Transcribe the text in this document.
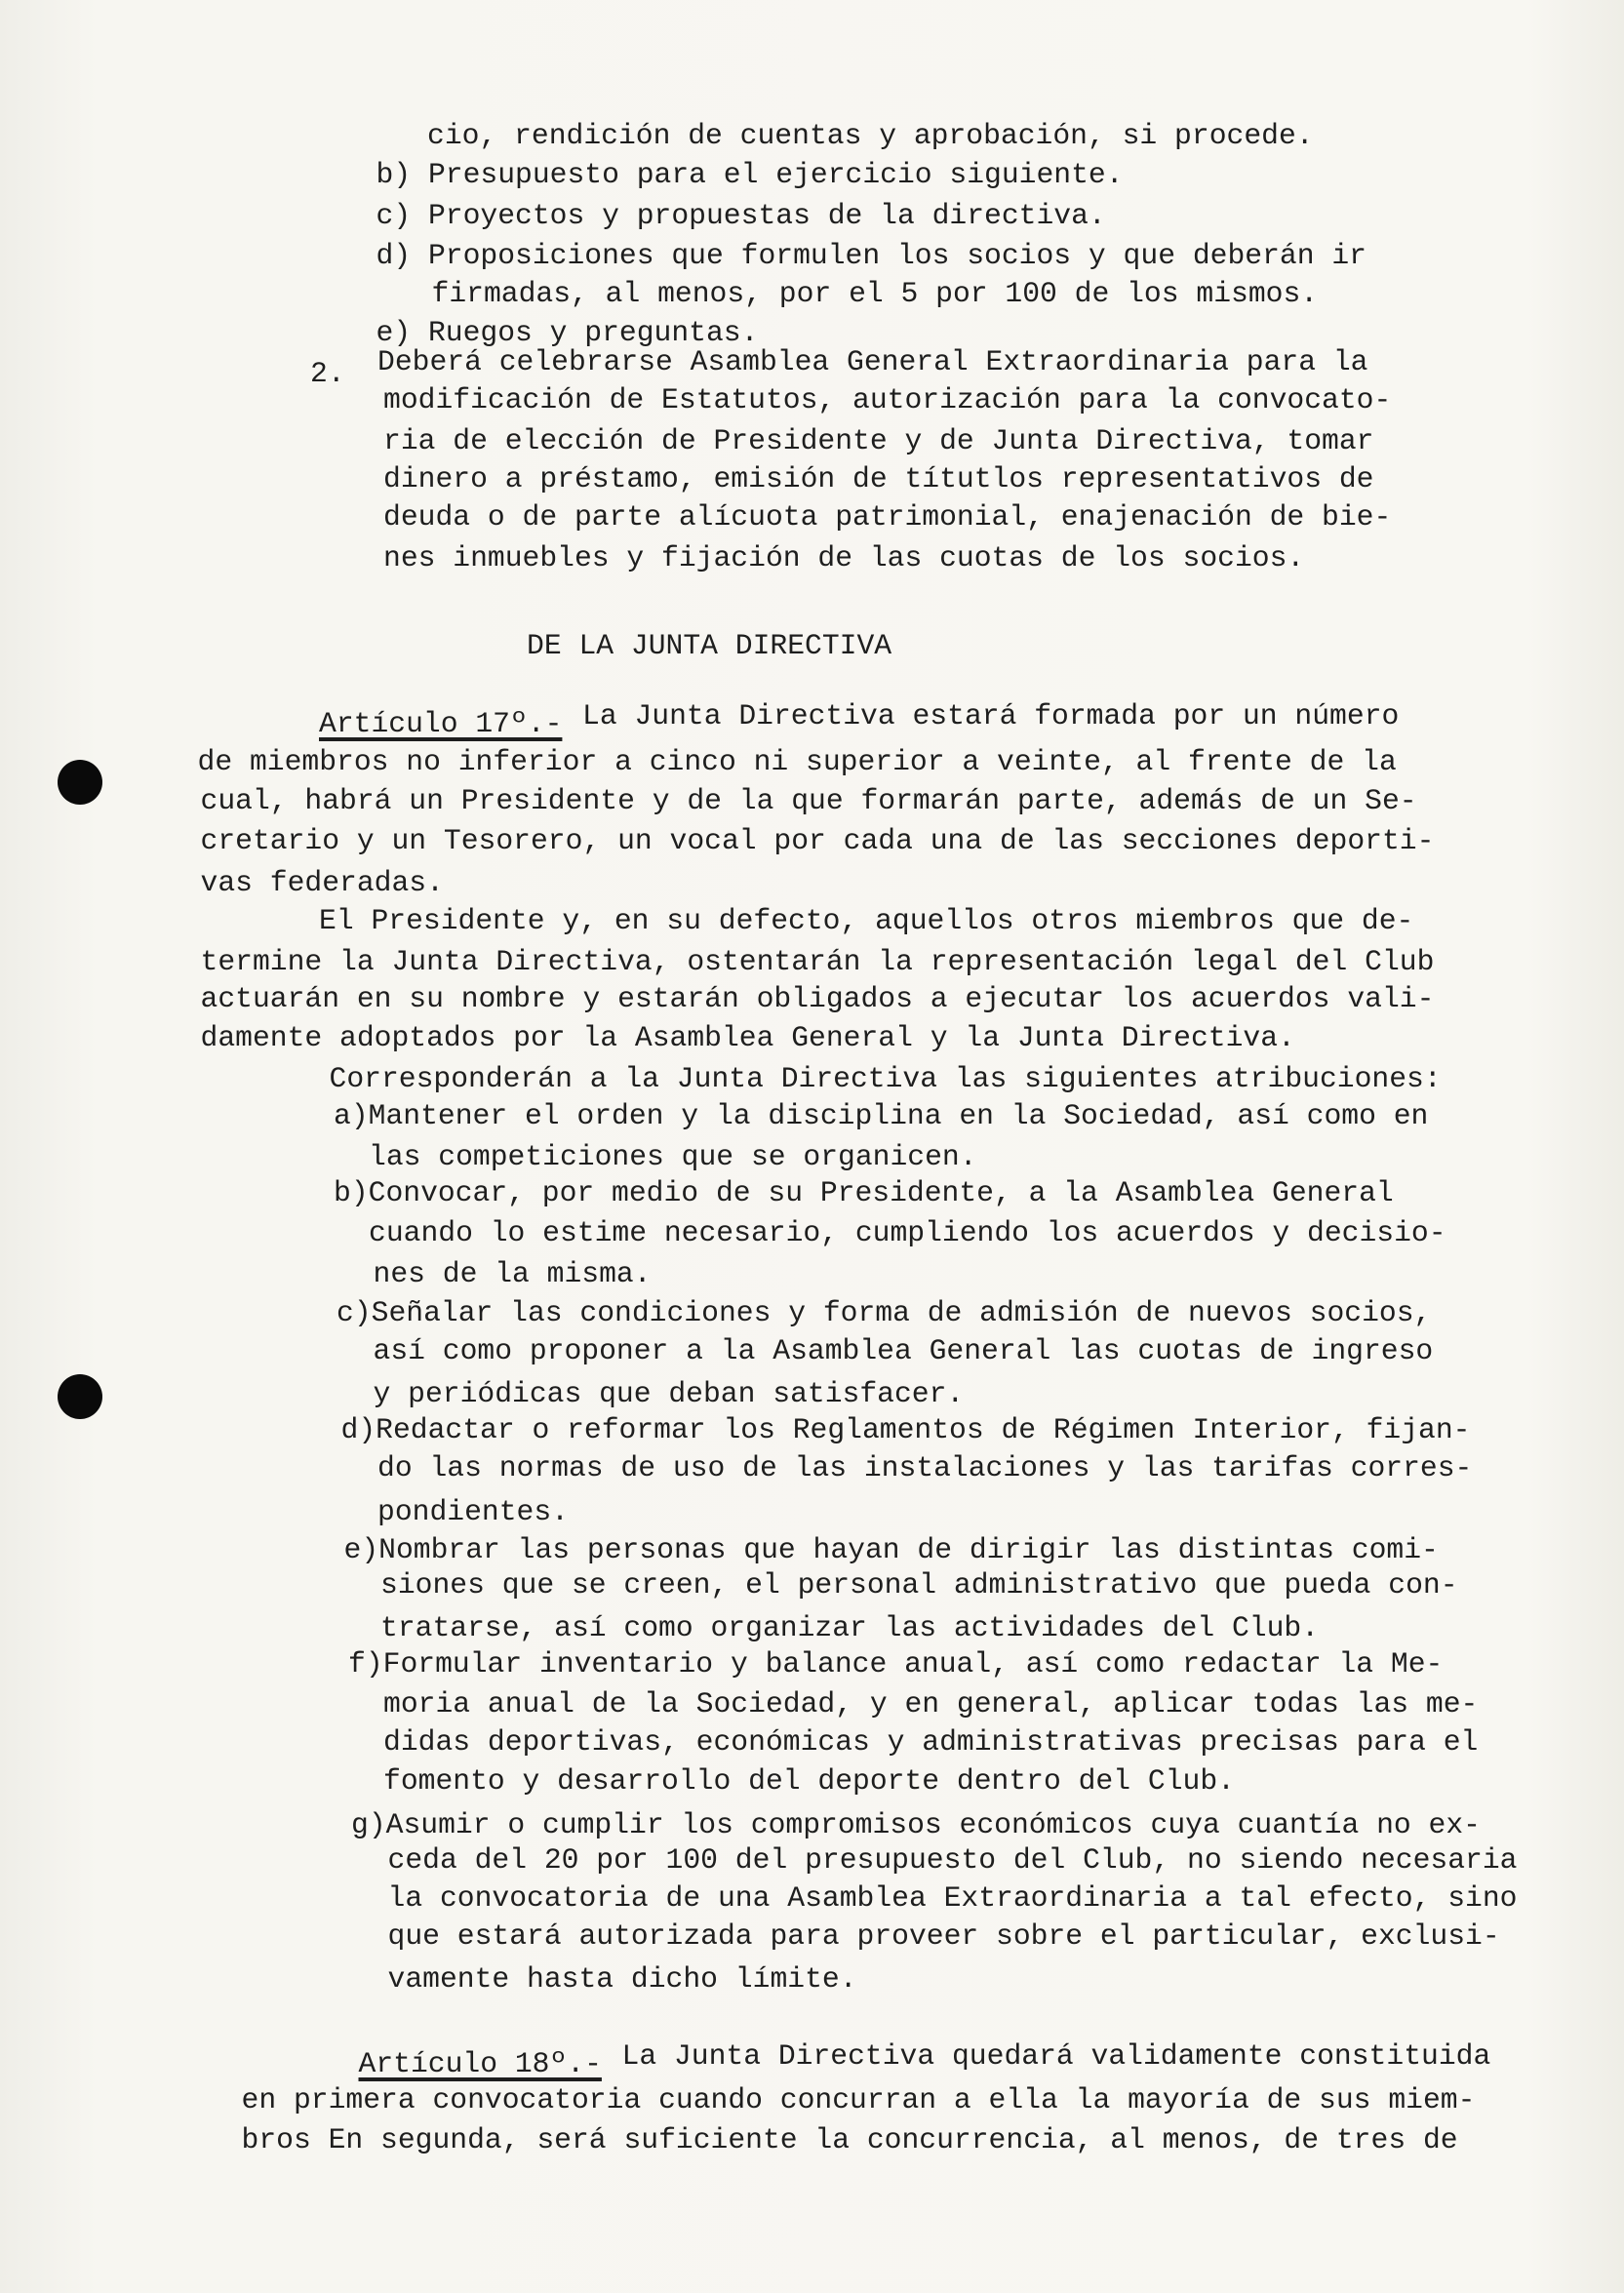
cio, rendición de cuentas y aprobación, si procede.
b) Presupuesto para el ejercicio siguiente.
c) Proyectos y propuestas de la directiva.
d) Proposiciones que formulen los socios y que deberán ir
firmadas, al menos, por el 5 por 100 de los mismos.
e) Ruegos y preguntas.
2. Deberá celebrarse Asamblea General Extraordinaria para la
modificación de Estatutos, autorización para la convocato-
ria de elección de Presidente y de Junta Directiva, tomar
dinero a préstamo, emisión de títutlos representativos de
deuda o de parte alícuota patrimonial, enajenación de bie-
nes inmuebles y fijación de las cuotas de los socios.
DE LA JUNTA DIRECTIVA
Artículo 17º.- La Junta Directiva estará formada por un número
de miembros no inferior a cinco ni superior a veinte, al frente de la
cual, habrá un Presidente y de la que formarán parte, además de un Se-
cretario y un Tesorero, un vocal por cada una de las secciones deporti-
vas federadas.
El Presidente y, en su defecto, aquellos otros miembros que de-
termine la Junta Directiva, ostentarán la representación legal del Club
actuarán en su nombre y estarán obligados a ejecutar los acuerdos vali-
damente adoptados por la Asamblea General y la Junta Directiva.
Corresponderán a la Junta Directiva las siguientes atribuciones:
a)Mantener el orden y la disciplina en la Sociedad, así como en
las competiciones que se organicen.
b)Convocar, por medio de su Presidente, a la Asamblea General
cuando lo estime necesario, cumpliendo los acuerdos y decisio-
nes de la misma.
c)Señalar las condiciones y forma de admisión de nuevos socios,
así como proponer a la Asamblea General las cuotas de ingreso
y periódicas que deban satisfacer.
d)Redactar o reformar los Reglamentos de Régimen Interior, fijan-
do las normas de uso de las instalaciones y las tarifas corres-
pondientes.
e)Nombrar las personas que hayan de dirigir las distintas comi-
siones que se creen, el personal administrativo que pueda con-
tratarse, así como organizar las actividades del Club.
f)Formular inventario y balance anual, así como redactar la Me-
moria anual de la Sociedad, y en general, aplicar todas las me-
didas deportivas, económicas y administrativas precisas para el
fomento y desarrollo del deporte dentro del Club.
g)Asumir o cumplir los compromisos económicos cuya cuantía no ex-
ceda del 20 por 100 del presupuesto del Club, no siendo necesaria
la convocatoria de una Asamblea Extraordinaria a tal efecto, sino
que estará autorizada para proveer sobre el particular, exclusi-
vamente hasta dicho límite.
Artículo 18º.- La Junta Directiva quedará validamente constituida
en primera convocatoria cuando concurran a ella la mayoría de sus miem-
bros En segunda, será suficiente la concurrencia, al menos, de tres de
